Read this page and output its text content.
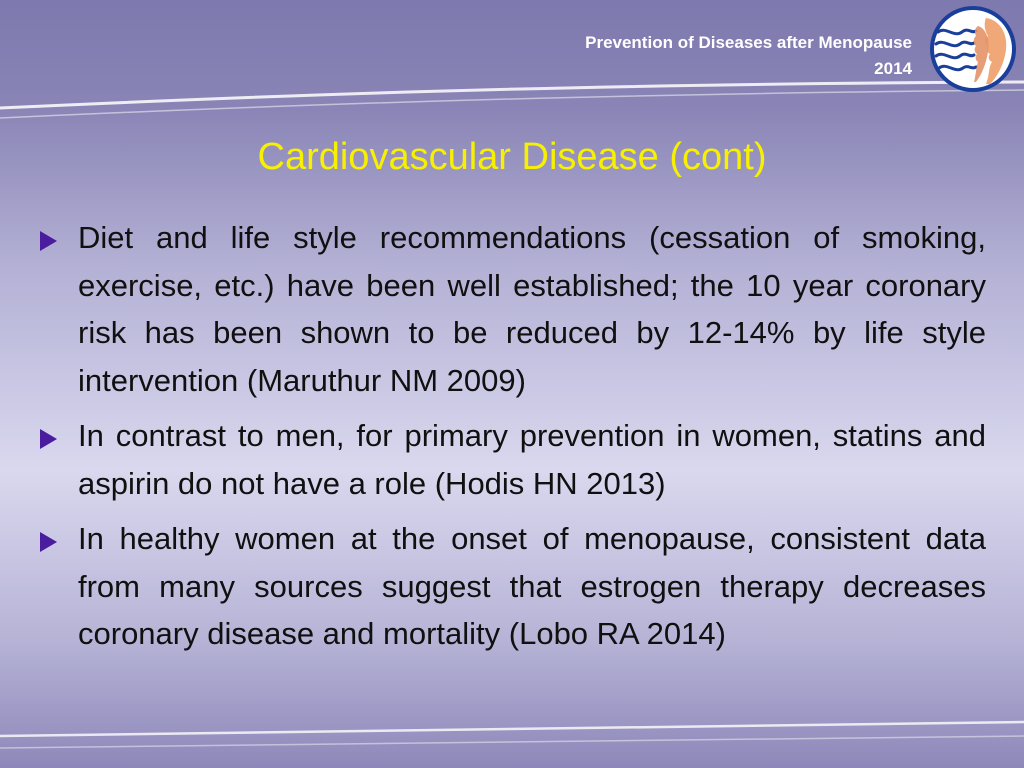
Prevention of Diseases after Menopause
2014
Cardiovascular Disease (cont)
Diet and life style recommendations (cessation of smoking, exercise, etc.) have been well established; the 10 year coronary risk has been shown to be reduced by 12-14% by life style intervention (Maruthur NM 2009)
In contrast to men, for primary prevention in women, statins and aspirin do not have a role (Hodis HN 2013)
In healthy women at the onset of menopause, consistent data from many sources suggest that estrogen therapy decreases coronary disease and mortality (Lobo RA 2014)
